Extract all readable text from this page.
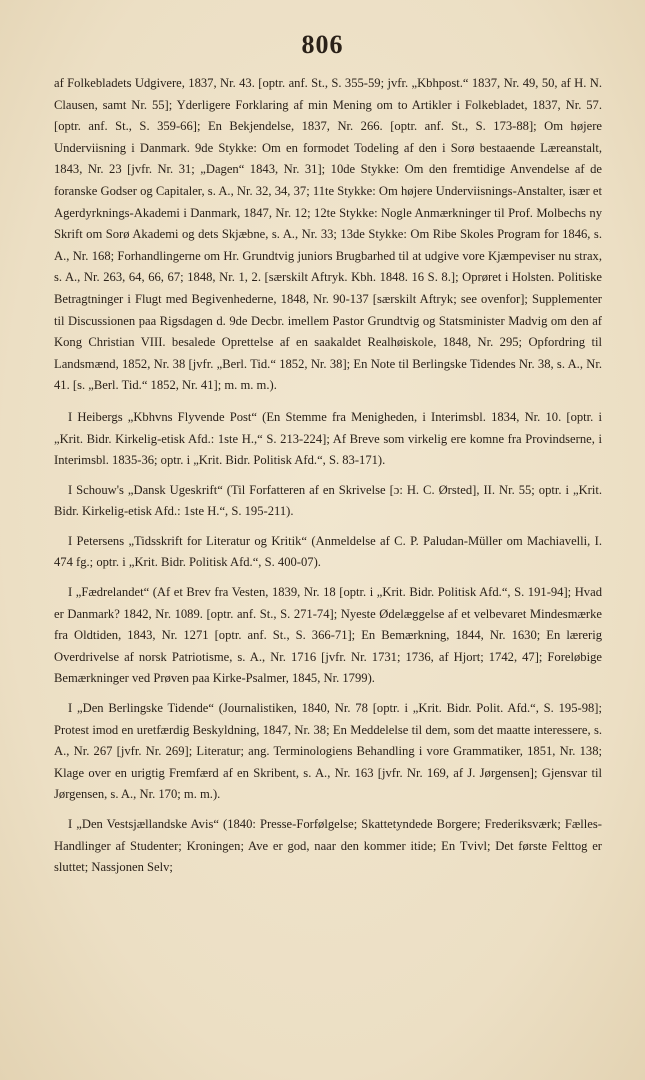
806

af Folkebladets Udgivere, 1837, Nr. 43. [optr. anf. St., S. 355-59; jvfr. „Kbhpost.“ 1837, Nr. 49, 50, af H. N. Clausen, samt Nr. 55]; Yderligere Forklaring af min Mening om to Artikler i Folkebladet, 1837, Nr. 57. [optr. anf. St., S. 359-66]; En Bekjendelse, 1837, Nr. 266. [optr. anf. St., S. 173-88]; Om højere Underviisning i Danmark. 9de Stykke: Om en formodet Todeling af den i Sorø bestaaende Læreanstalt, 1843, Nr. 23 [jvfr. Nr. 31; „Dagen“ 1843, Nr. 31]; 10de Stykke: Om den fremtidige Anvendelse af de foranske Godser og Capitaler, s. A., Nr. 32, 34, 37; 11te Stykke: Om højere Underviisnings-Anstalter, især et Agerdyrknings-Akademi i Danmark, 1847, Nr. 12; 12te Stykke: Nogle Anmærkninger til Prof. Molbechs ny Skrift om Sorø Akademi og dets Skjæbne, s. A., Nr. 33; 13de Stykke: Om Ribe Skoles Program for 1846, s. A., Nr. 168; Forhandlingerne om Hr. Grundtvig juniors Brugbarhed til at udgive vore Kjæmpeviser nu strax, s. A., Nr. 263, 64, 66, 67; 1848, Nr. 1, 2. [særskilt Aftryk. Kbh. 1848. 16 S. 8.]; Oprøret i Holsten. Politiske Betragtninger i Flugt med Begivenhederne, 1848, Nr. 90-137 [særskilt Aftryk; see ovenfor]; Supplementer til Discussionen paa Rigsdagen d. 9de Decbr. imellem Pastor Grundtvig og Statsminister Madvig om den af Kong Christian VIII. besalede Oprettelse af en saakaldet Realhøiskole, 1848, Nr. 295; Opfordring til Landsmænd, 1852, Nr. 38 [jvfr. „Berl. Tid.“ 1852, Nr. 38]; En Note til Berlingske Tidendes Nr. 38, s. A., Nr. 41. [s. „Berl. Tid.“ 1852, Nr. 41]; m. m. m.).

I Heibergs „Kbhvns Flyvende Post“ (En Stemme fra Menigheden, i Interimsbl. 1834, Nr. 10. [optr. i „Krit. Bidr. Kirkelig-etisk Afd.: 1ste H.,“ S. 213-224]; Af Breve som virkelig ere komne fra Provindserne, i Interimsbl. 1835-36; optr. i „Krit. Bidr. Politisk Afd.“, S. 83-171).

I Schouw's „Dansk Ugeskrift“ (Til Forfatteren af en Skrivelse [ɔ: H. C. Ørsted], II. Nr. 55; optr. i „Krit. Bidr. Kirkelig-etisk Afd.: 1ste H.“, S. 195-211).

I Petersens „Tidsskrift for Literatur og Kritik“ (Anmeldelse af C. P. Paludan-Müller om Machiavelli, I. 474 fg.; optr. i „Krit. Bidr. Politisk Afd.“, S. 400-07).

I „Fædrelandet“ (Af et Brev fra Vesten, 1839, Nr. 18 [optr. i „Krit. Bidr. Politisk Afd.“, S. 191-94]; Hvad er Danmark? 1842, Nr. 1089. [optr. anf. St., S. 271-74]; Nyeste Ødelæggelse af et velbevaret Mindesmærke fra Oldtiden, 1843, Nr. 1271 [optr. anf. St., S. 366-71]; En Bemærkning, 1844, Nr. 1630; En lærerig Overdrivelse af norsk Patriotisme, s. A., Nr. 1716 [jvfr. Nr. 1731; 1736, af Hjort; 1742, 47]; Foreløbige Bemærkninger ved Prøven paa Kirke-Psalmer, 1845, Nr. 1799).

I „Den Berlingske Tidende“ (Journalistiken, 1840, Nr. 78 [optr. i „Krit. Bidr. Polit. Afd.“, S. 195-98]; Protest imod en uretfærdig Beskyldning, 1847, Nr. 38; En Meddelelse til dem, som det maatte interessere, s. A., Nr. 267 [jvfr. Nr. 269]; Literatur; ang. Terminologiens Behandling i vore Grammatiker, 1851, Nr. 138; Klage over en urigtig Fremfærd af en Skribent, s. A., Nr. 163 [jvfr. Nr. 169, af J. Jørgensen]; Gjensvar til Jørgensen, s. A., Nr. 170; m. m.).

I „Den Vestsjællandske Avis“ (1840: Presse-Forfølgelse; Skattetyndede Borgere; Frederiksværk; Fælles-Handlinger af Studenter; Kroningen; Ave er god, naar den kommer itide; En Tvivl; Det første Felttog er sluttet; Nassjonen Selv;
